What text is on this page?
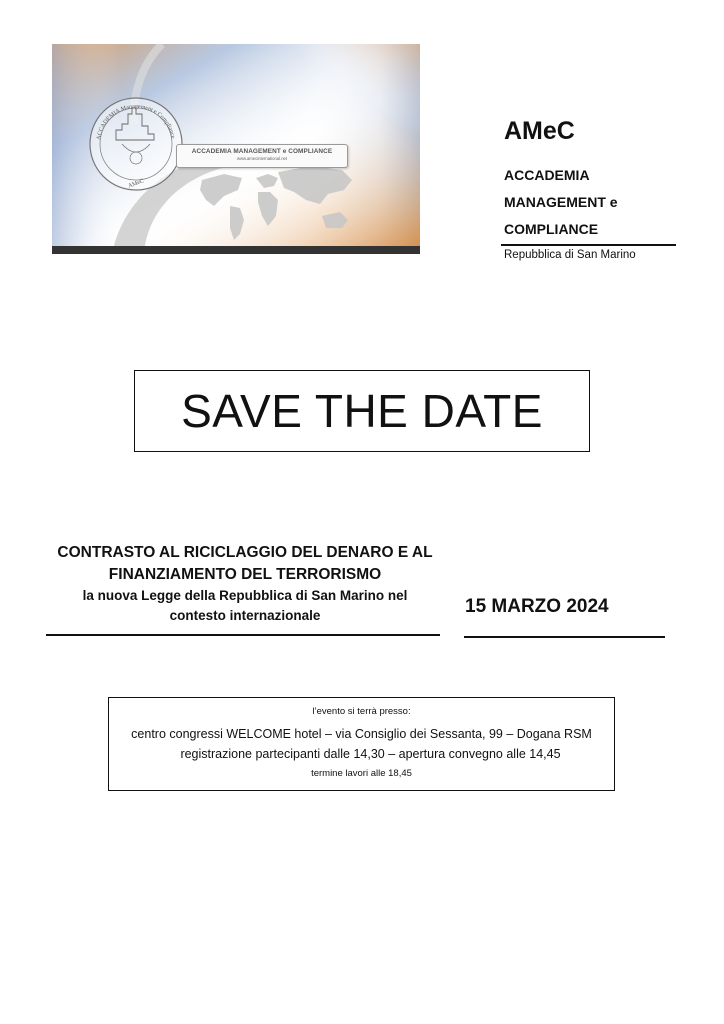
ACCADEMIA Management e Compliance
AMeC
ACCADEMIA MANAGEMENT e COMPLIANCE
www.amecinternational.net
AMeC
ACCADEMIA
MANAGEMENT e
COMPLIANCE
Repubblica di San Marino
SAVE THE DATE
CONTRASTO AL RICICLAGGIO DEL DENARO E AL
FINANZIAMENTO DEL TERRORISMO
la nuova Legge della Repubblica di San Marino nel
contesto internazionale	15 MARZO 2024
l’evento si terrà presso:
centro congressi WELCOME hotel – via Consiglio dei Sessanta, 99 – Dogana RSM
registrazione partecipanti dalle 14,30 – apertura convegno alle 14,45
termine lavori alle 18,45
